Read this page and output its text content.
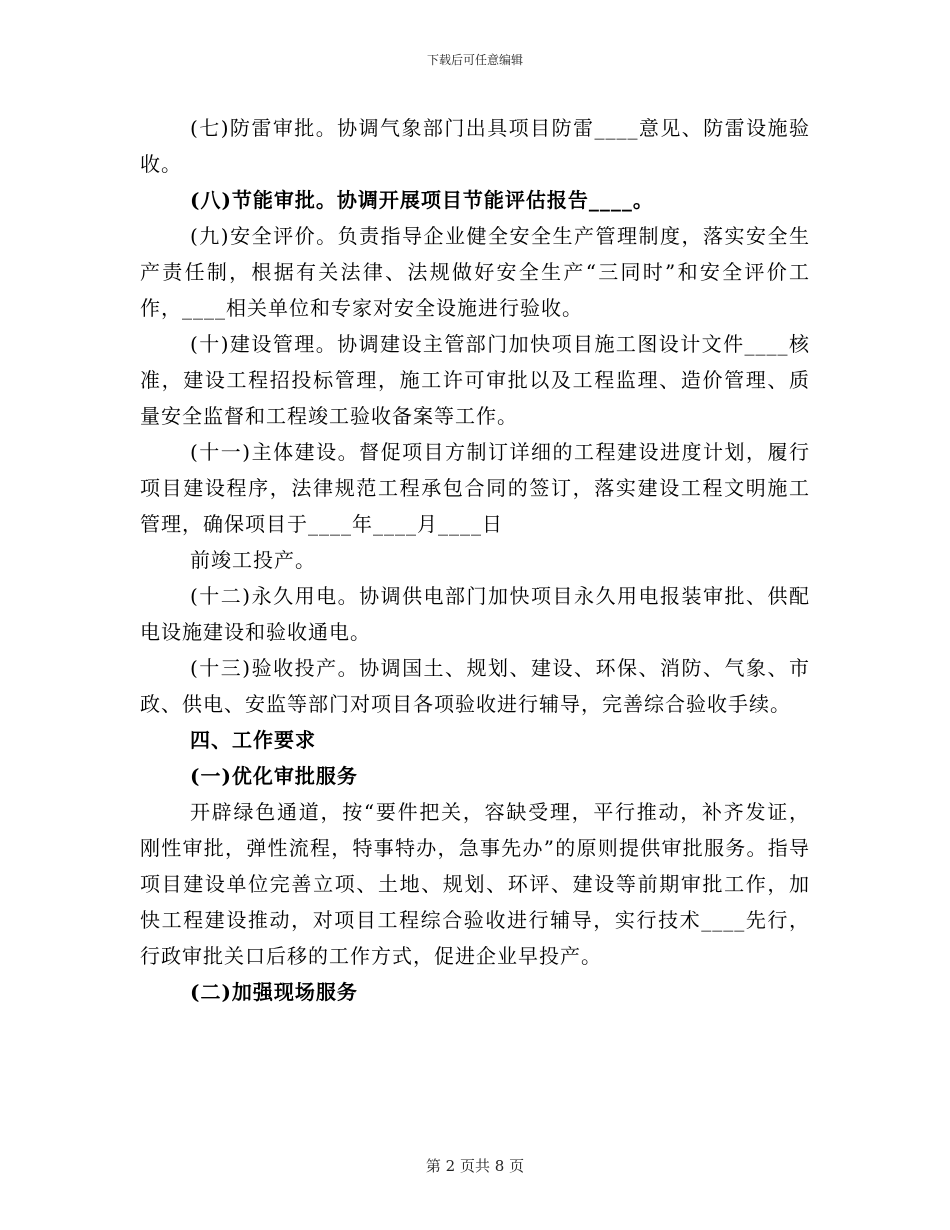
下载后可任意编辑

(七)防雷审批。协调气象部门出具项目防雷____意见、防雷设施验收。

(八)节能审批。协调开展项目节能评估报告____。

(九)安全评价。负责指导企业健全安全生产管理制度，落实安全生产责任制，根据有关法律、法规做好安全生产“三同时”和安全评价工作，____相关单位和专家对安全设施进行验收。

(十)建设管理。协调建设主管部门加快项目施工图设计文件____核准，建设工程招投标管理，施工许可审批以及工程监理、造价管理、质量安全监督和工程竣工验收备案等工作。

(十一)主体建设。督促项目方制订详细的工程建设进度计划，履行项目建设程序，法律规范工程承包合同的签订，落实建设工程文明施工管理，确保项目于____年____月____日

前竣工投产。

(十二)永久用电。协调供电部门加快项目永久用电报装审批、供配电设施建设和验收通电。

(十三)验收投产。协调国土、规划、建设、环保、消防、气象、市政、供电、安监等部门对项目各项验收进行辅导，完善综合验收手续。

四、工作要求

(一)优化审批服务

开辟绿色通道，按“要件把关，容缺受理，平行推动，补齐发证，刚性审批，弹性流程，特事特办，急事先办”的原则提供审批服务。指导项目建设单位完善立项、土地、规划、环评、建设等前期审批工作，加快工程建设推动，对项目工程综合验收进行辅导，实行技术____先行，行政审批关口后移的工作方式，促进企业早投产。

(二)加强现场服务

第 2 页共 8 页
